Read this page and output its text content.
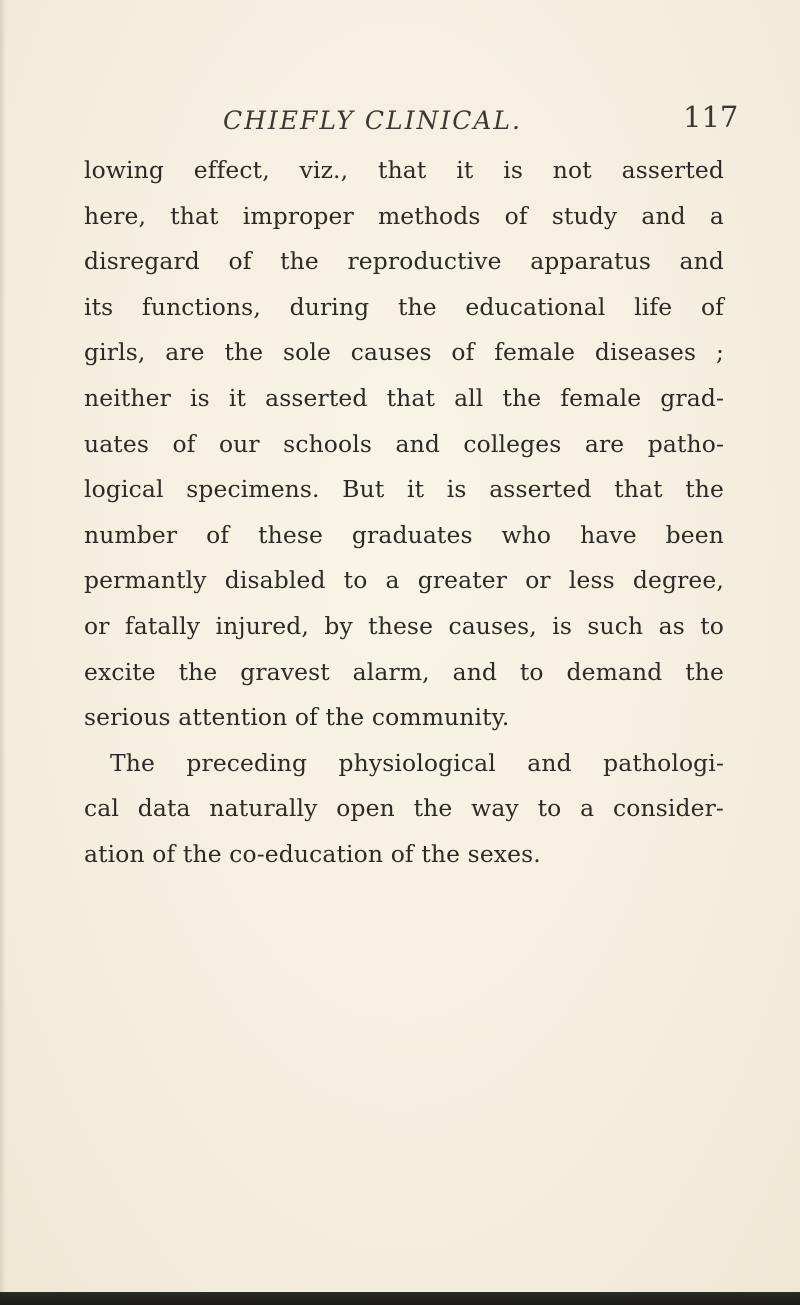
CHIEFLY CLINICAL.	117
lowing effect, viz., that it is not asserted
here, that improper methods of study and a
disregard of the reproductive apparatus and
its functions, during the educational life of
girls, are the sole causes of female diseases ;
neither is it asserted that all the female grad-
uates of our schools and colleges are patho-
logical specimens. But it is asserted that the
number of these graduates who have been
permantly disabled to a greater or less degree,
or fatally injured, by these causes, is such as to
excite the gravest alarm, and to demand the
serious attention of the community.
The preceding physiological and pathologi-
cal data naturally open the way to a consider-
ation of the co-education of the sexes.
